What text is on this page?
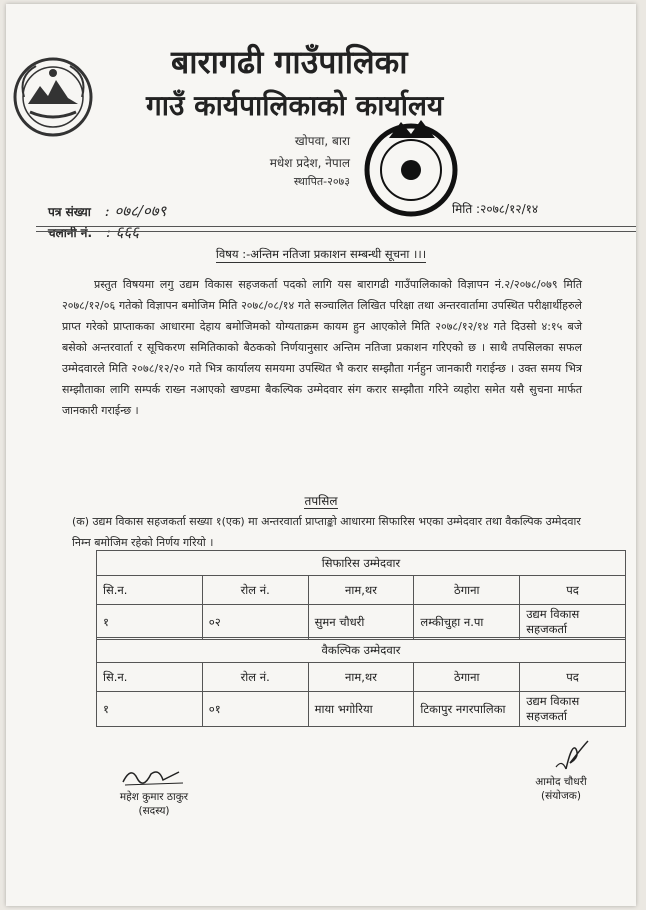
बारागढी गाउँपालिका
गाउँ कार्यपालिकाको कार्यालय
खोपवा, बारा
मधेश प्रदेश, नेपाल
स्थापित-२०७३
पत्र संख्या : ०७८/०७९
चलानी नं. : ६६६
मिति :२०७८/१२/१४
विषय :-अन्तिम नतिजा प्रकाशन सम्बन्धी सूचना ।।।
प्रस्तुत विषयमा लगु उद्यम विकास सहजकर्ता पदको लागि यस बारागढी गाउँपालिकाको विज्ञापन नं.२/२०७८/०७९ मिति २०७८/१२/०६ गतेको विज्ञापन बमोजिम मिति २०७८/०८/१४ गते सञ्चालित लिखित परिक्षा तथा अन्तरवार्तामा उपस्थित परीक्षार्थीहरुले प्राप्त गरेको प्राप्ताकका आधारमा देहाय बमोजिमको योग्यताक्रम कायम हुन आएकोले मिति २०७८/१२/१४ गते दिउसो ४:१५ बजे बसेको अन्तरवार्ता र सूचिकरण समितिकाको बैठकको निर्णयानुसार अन्तिम नतिजा प्रकाशन गरिएको छ । साथै तपसिलका सफल उम्मेदवारले मिति २०७८/१२/२० गते भित्र कार्यालय समयमा उपस्थित भै करार सम्झौता गर्नहुन जानकारी गराईन्छ । उक्त समय भित्र सम्झौताका लागि सम्पर्क राख्न नआएको खण्डमा बैकल्पिक उम्मेदवार संग करार सम्झौता गरिने व्यहोरा समेत यसै सुचना मार्फत जानकारी गराईन्छ ।
तपसिल
(क) उद्यम विकास सहजकर्ता सख्या १(एक) मा अन्तरवार्ता प्राप्ताङ्को आधारमा सिफारिस भएका उम्मेदवार तथा वैकल्पिक उम्मेदवार निम्न बमोजिम रहेको निर्णय गरियो ।
सिफारिस उम्मेदवार				
सि.न.	रोल नं.	नाम,थर	ठेगाना	पद
१	०२	सुमन चौधरी	लम्कीचुहा न.पा	उद्यम विकास सहजकर्ता
वैकल्पिक उम्मेदवार				
सि.न.	रोल नं.	नाम,थर	ठेगाना	पद
१	०१	माया भगोरिया	टिकापुर नगरपालिका	उद्यम विकास सहजकर्ता
महेश कुमार ठाकुर
(सदस्य)
आमोद चौधरी
(संयोजक)
